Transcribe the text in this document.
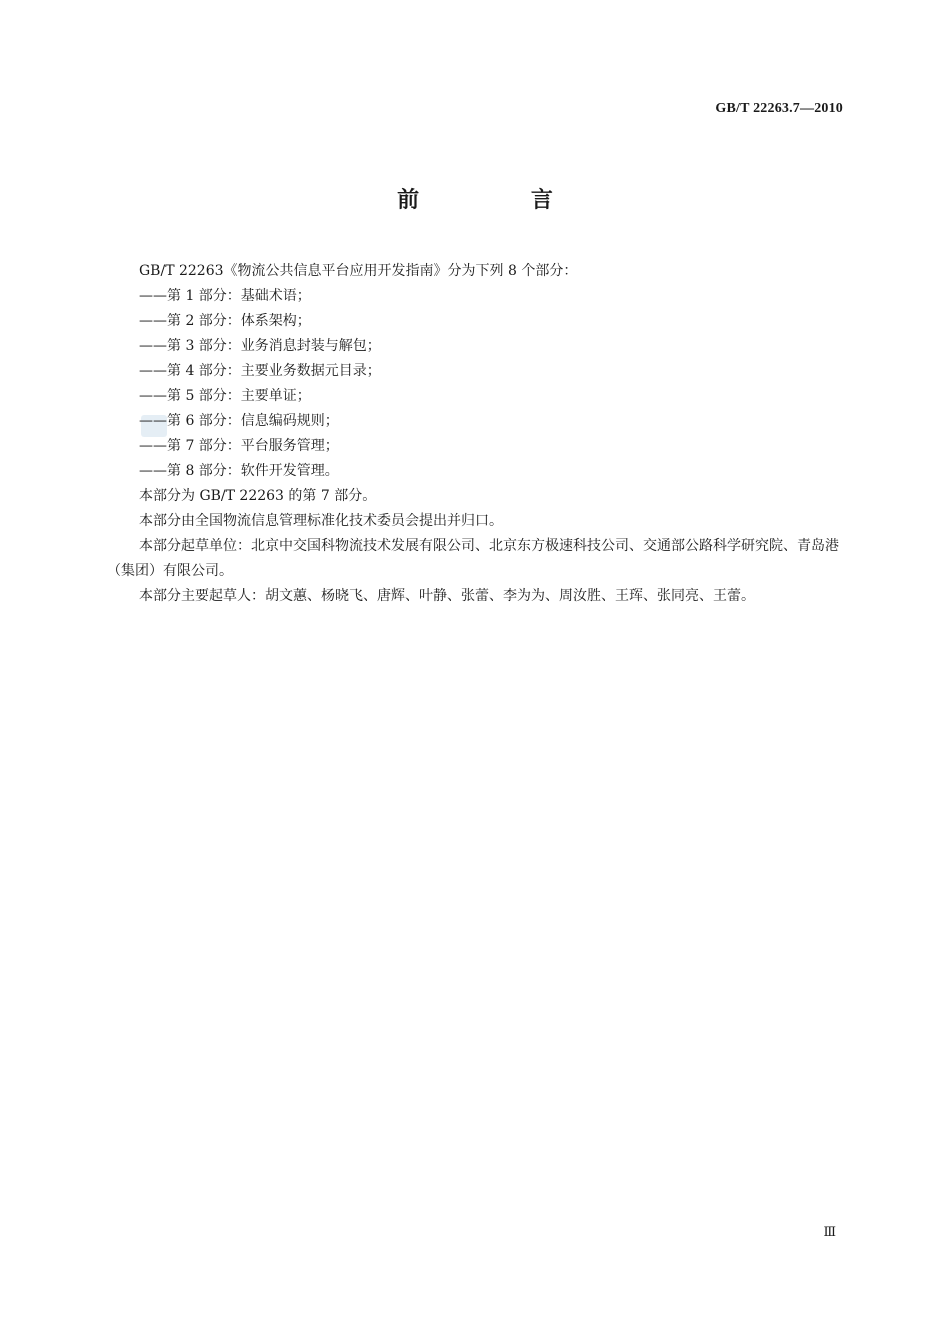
GB/T 22263.7—2010
前 言

GB/T 22263《物流公共信息平台应用开发指南》分为下列 8 个部分：

——第 1 部分：基础术语；

——第 2 部分：体系架构；

——第 3 部分：业务消息封装与解包；

——第 4 部分：主要业务数据元目录；

——第 5 部分：主要单证；

——第 6 部分：信息编码规则；

——第 7 部分：平台服务管理；

——第 8 部分：软件开发管理。

本部分为 GB/T 22263 的第 7 部分。

本部分由全国物流信息管理标准化技术委员会提出并归口。

本部分起草单位：北京中交国科物流技术发展有限公司、北京东方极速科技公司、交通部公路科学研究院、青岛港（集团）有限公司。

本部分主要起草人：胡文蕙、杨晓飞、唐辉、叶静、张蕾、李为为、周汝胜、王珲、张同亮、王蕾。

Ⅲ
